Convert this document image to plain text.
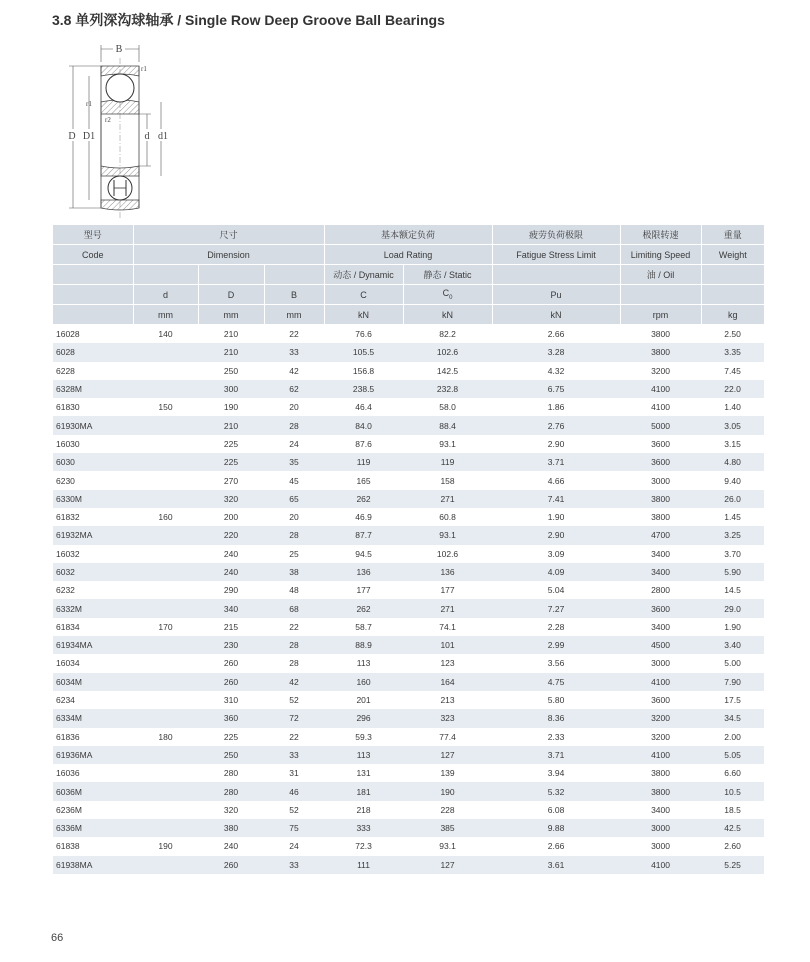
3.8 单列深沟球轴承 / Single Row Deep Groove Ball Bearings
B
D D1	d d1
r1
r1
r2
型号	尺寸			基本额定负荷		疲劳负荷极限	极限转速	重量
Code	Dimension			Load Rating		Fatigue Stress Limit	Limiting Speed	Weight
				动态 / Dynamic	静态 / Static		油 / Oil	
	d	D	B	C	$C_0$	Pu		
	mm	mm	mm	kN	kN	kN	rpm	kg
16028	140	210	22	76.6	82.2	2.66	3800	2.50
6028		210	33	105.5	102.6	3.28	3800	3.35
6228		250	42	156.8	142.5	4.32	3200	7.45
6328M		300	62	238.5	232.8	6.75	4100	22.0
61830	150	190	20	46.4	58.0	1.86	4100	1.40
61930MA		210	28	84.0	88.4	2.76	5000	3.05
16030		225	24	87.6	93.1	2.90	3600	3.15
6030		225	35	119	119	3.71	3600	4.80
6230		270	45	165	158	4.66	3000	9.40
6330M		320	65	262	271	7.41	3800	26.0
61832	160	200	20	46.9	60.8	1.90	3800	1.45
61932MA		220	28	87.7	93.1	2.90	4700	3.25
16032		240	25	94.5	102.6	3.09	3400	3.70
6032		240	38	136	136	4.09	3400	5.90
6232		290	48	177	177	5.04	2800	14.5
6332M		340	68	262	271	7.27	3600	29.0
61834	170	215	22	58.7	74.1	2.28	3400	1.90
61934MA		230	28	88.9	101	2.99	4500	3.40
16034		260	28	113	123	3.56	3000	5.00
6034M		260	42	160	164	4.75	4100	7.90
6234		310	52	201	213	5.80	3600	17.5
6334M		360	72	296	323	8.36	3200	34.5
61836	180	225	22	59.3	77.4	2.33	3200	2.00
61936MA		250	33	113	127	3.71	4100	5.05
16036		280	31	131	139	3.94	3800	6.60
6036M		280	46	181	190	5.32	3800	10.5
6236M		320	52	218	228	6.08	3400	18.5
6336M		380	75	333	385	9.88	3000	42.5
61838	190	240	24	72.3	93.1	2.66	3000	2.60
61938MA		260	33	111	127	3.61	4100	5.25
66
